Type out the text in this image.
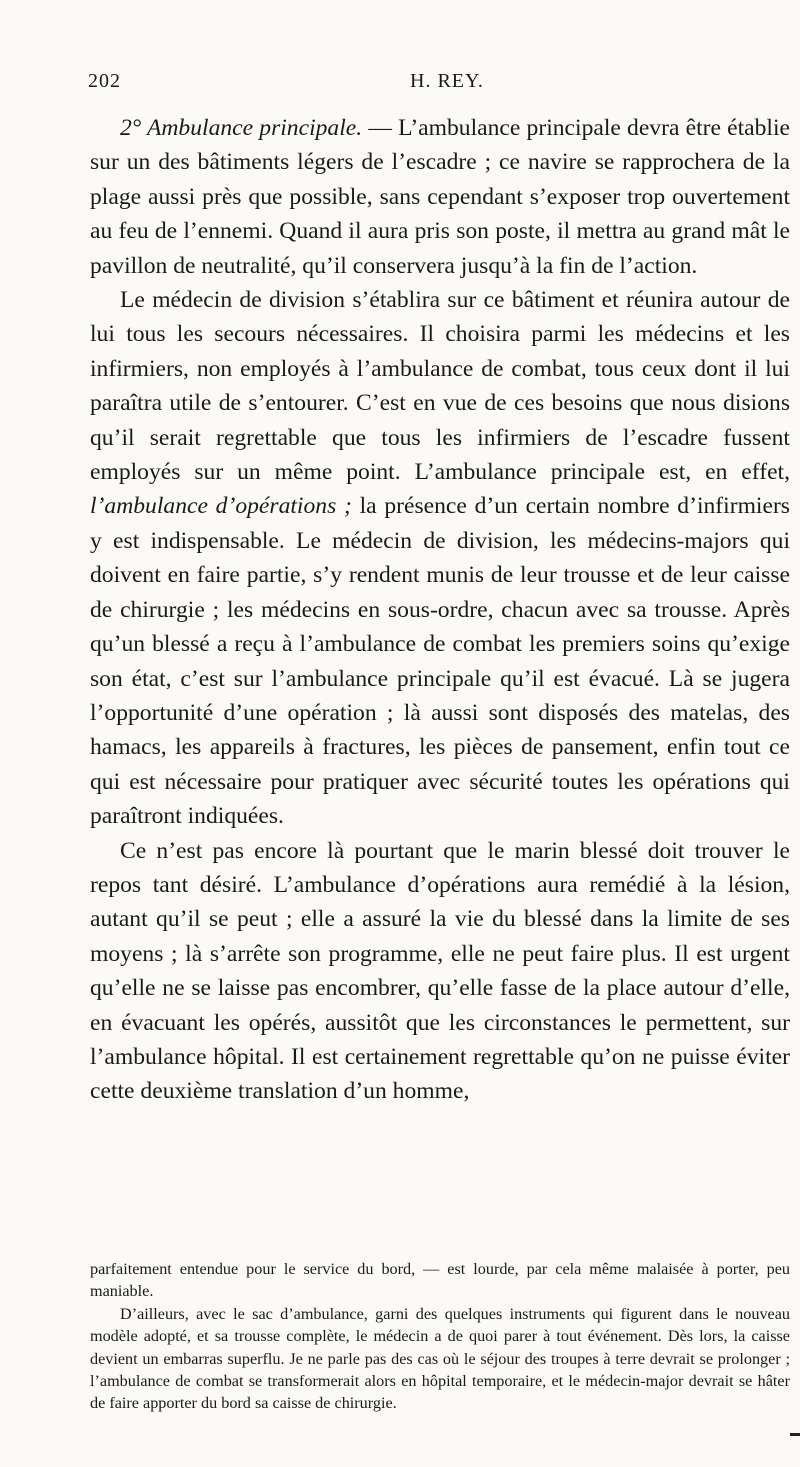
202	H. REY.

2° Ambulance principale. — L’ambulance principale devra être établie sur un des bâtiments légers de l’escadre ; ce navire se rapprochera de la plage aussi près que possible, sans cependant s’exposer trop ouvertement au feu de l’ennemi. Quand il aura pris son poste, il mettra au grand mât le pavillon de neutralité, qu’il conservera jusqu’à la fin de l’action.

Le médecin de division s’établira sur ce bâtiment et réunira autour de lui tous les secours nécessaires. Il choisira parmi les médecins et les infirmiers, non employés à l’ambulance de combat, tous ceux dont il lui paraîtra utile de s’entourer. C’est en vue de ces besoins que nous disions qu’il serait regrettable que tous les infirmiers de l’escadre fussent employés sur un même point. L’ambulance principale est, en effet, l’ambulance d’opérations ; la présence d’un certain nombre d’infirmiers y est indispensable. Le médecin de division, les médecins-majors qui doivent en faire partie, s’y rendent munis de leur trousse et de leur caisse de chirurgie ; les médecins en sous-ordre, chacun avec sa trousse. Après qu’un blessé a reçu à l’ambulance de combat les premiers soins qu’exige son état, c’est sur l’ambulance principale qu’il est évacué. Là se jugera l’opportunité d’une opération ; là aussi sont disposés des matelas, des hamacs, les appareils à fractures, les pièces de pansement, enfin tout ce qui est nécessaire pour pratiquer avec sécurité toutes les opérations qui paraîtront indiquées.

Ce n’est pas encore là pourtant que le marin blessé doit trouver le repos tant désiré. L’ambulance d’opérations aura remédié à la lésion, autant qu’il se peut ; elle a assuré la vie du blessé dans la limite de ses moyens ; là s’arrête son programme, elle ne peut faire plus. Il est urgent qu’elle ne se laisse pas encombrer, qu’elle fasse de la place autour d’elle, en évacuant les opérés, aussitôt que les circonstances le permettent, sur l’ambulance hôpital. Il est certainement regrettable qu’on ne puisse éviter cette deuxième translation d’un homme,

parfaitement entendue pour le service du bord, — est lourde, par cela même malaisée à porter, peu maniable.

D’ailleurs, avec le sac d’ambulance, garni des quelques instruments qui figurent dans le nouveau modèle adopté, et sa trousse complète, le médecin a de quoi parer à tout événement. Dès lors, la caisse devient un embarras superflu. Je ne parle pas des cas où le séjour des troupes à terre devrait se prolonger ; l’ambulance de combat se transformerait alors en hôpital temporaire, et le médecin-major devrait se hâter de faire apporter du bord sa caisse de chirurgie.
